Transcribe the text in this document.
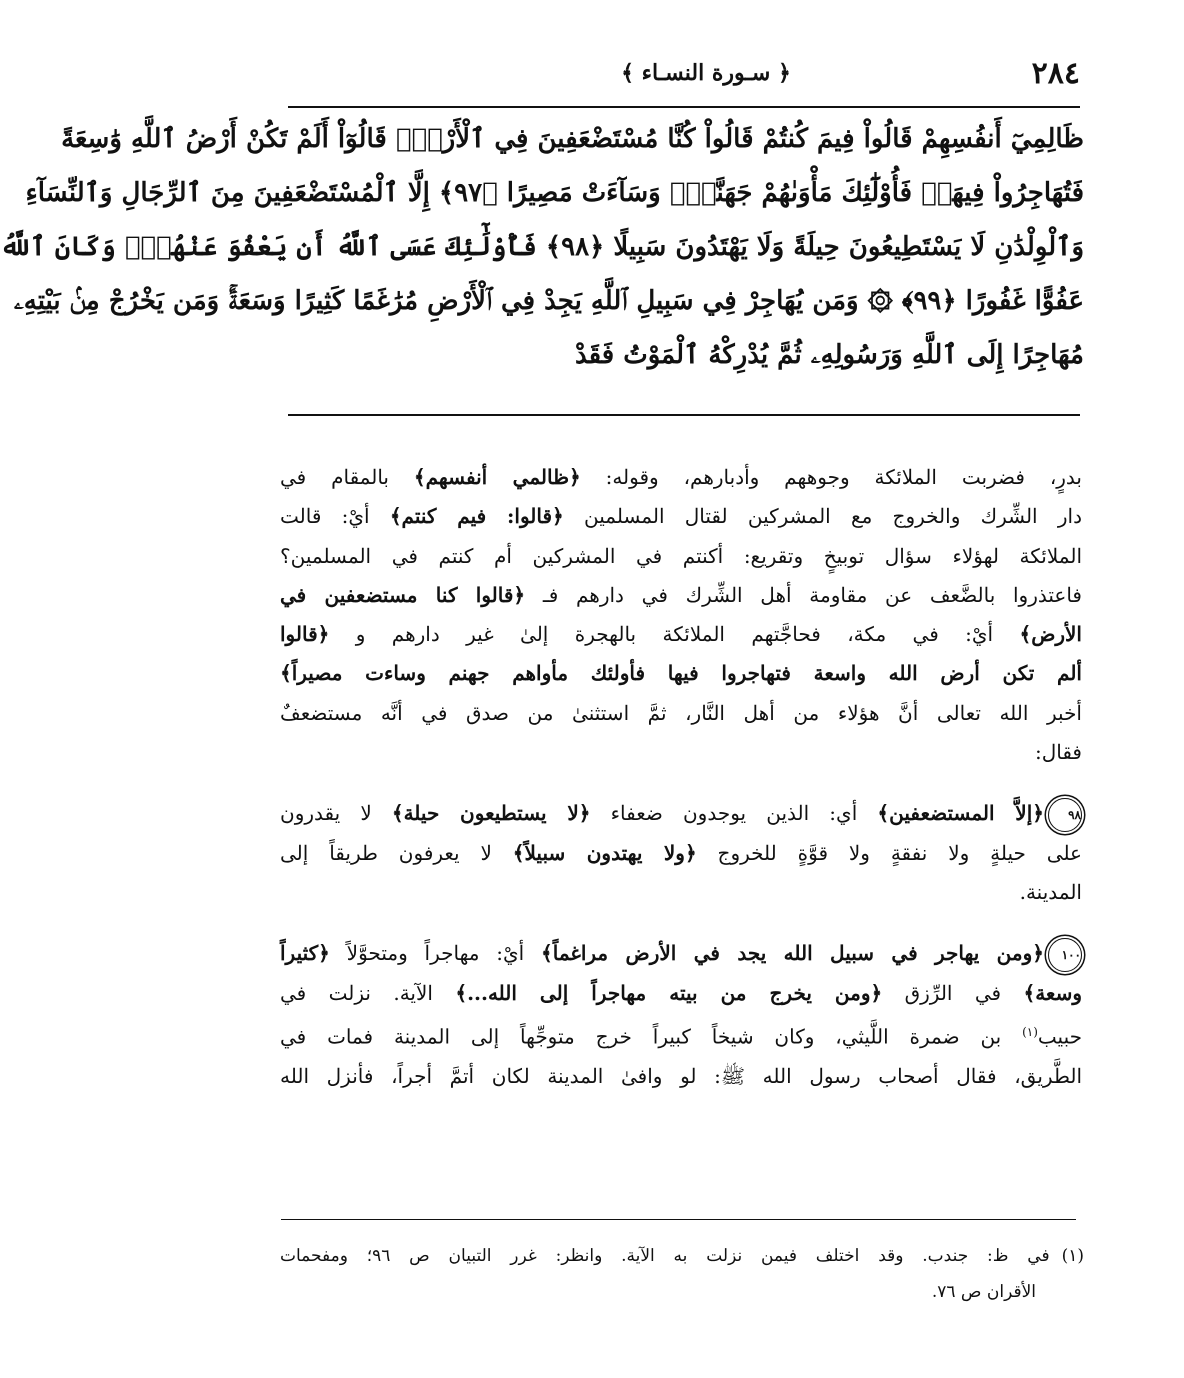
٢٨٤
﴿ سـورة النسـاء ﴾
ظَالِمِيٓ أَنفُسِهِمْ قَالُواْ فِيمَ كُنتُمْ قَالُواْ كُنَّا مُسْتَضْعَفِينَ فِي ٱلْأَرْضِۚ قَالُوٓاْ أَلَمْ تَكُنْ أَرْضُ ٱللَّهِ وَٰسِعَةً
فَتُهَاجِرُواْ فِيهَاۚ فَأُوْلَٰٓئِكَ مَأْوَىٰهُمْ جَهَنَّمُۖ وَسَآءَتْ مَصِيرًا ﴿٩٧﴾ إِلَّا ٱلْمُسْتَضْعَفِينَ مِنَ ٱلرِّجَالِ وَٱلنِّسَآءِ
وَٱلْوِلْدَٰنِ لَا يَسْتَطِيعُونَ حِيلَةً وَلَا يَهْتَدُونَ سَبِيلًا ﴿٩٨﴾ فَأُوْلَٰٓئِكَ عَسَى ٱللَّهُ أَن يَعْفُوَ عَنْهُمْۚ وَكَانَ ٱللَّهُ
عَفُوًّا غَفُورًا ﴿٩٩﴾ ۞ وَمَن يُهَاجِرْ فِي سَبِيلِ ٱللَّهِ يَجِدْ فِي ٱلْأَرْضِ مُرَٰغَمًا كَثِيرًا وَسَعَةًۚ وَمَن يَخْرُجْ مِنۢ بَيْتِهِۦ
مُهَاجِرًا إِلَى ٱللَّهِ وَرَسُولِهِۦ ثُمَّ يُدْرِكْهُ ٱلْمَوْتُ فَقَدْ
بدرٍ، فضربت الملائكة وجوههم وأدبارهم، وقوله: ﴿ظالمي أنفسهم﴾ بالمقام في
دار الشِّرك والخروج مع المشركين لقتال المسلمين ﴿قالوا: فيم كنتم﴾ أيْ: قالت
الملائكة لهؤلاء سؤال توبيخٍ وتقريع: أكنتم في المشركين أم كنتم في المسلمين؟
فاعتذروا بالضَّعف عن مقاومة أهل الشِّرك في دارهم فـ ﴿قالوا كنا مستضعفين في
الأرض﴾ أيْ: في مكة، فحاجَّتهم الملائكة بالهجرة إلىٰ غير دارهم و ﴿قالوا
ألم تكن أرض الله واسعة فتهاجروا فيها فأولئك مأواهم جهنم وساءت مصيراً﴾
أخبر الله تعالى أنَّ هؤلاء من أهل النَّار، ثمَّ استثنىٰ من صدق في أنَّه مستضعفٌ
فقال:
٩٨﴿إلاَّ المستضعفين﴾ أي: الذين يوجدون ضعفاء ﴿لا يستطيعون حيلة﴾ لا يقدرون
على حيلةٍ ولا نفقةٍ ولا قوَّةٍ للخروج ﴿ولا يهتدون سبيلاً﴾ لا يعرفون طريقاً إلى
المدينة.
١٠٠﴿ومن يهاجر في سبيل الله يجد في الأرض مراغماً﴾ أيْ: مهاجراً ومتحوَّلاً ﴿كثيراً
وسعة﴾ في الرِّزق ﴿ومن يخرج من بيته مهاجراً إلى الله...﴾ الآية. نزلت في
حبيب$^{(١)}$ بن ضمرة اللَّيثي، وكان شيخاً كبيراً خرج متوجِّهاً إلى المدينة فمات في
الطَّريق، فقال أصحاب رسول الله ﷺ: لو وافىٰ المدينة لكان أتمَّ أجراً، فأنزل الله
(١)في ظ: جندب. وقد اختلف فيمن نزلت به الآية. وانظر: غرر التبيان ص ٩٦؛ ومفحمات
الأقران ص ٧٦.
